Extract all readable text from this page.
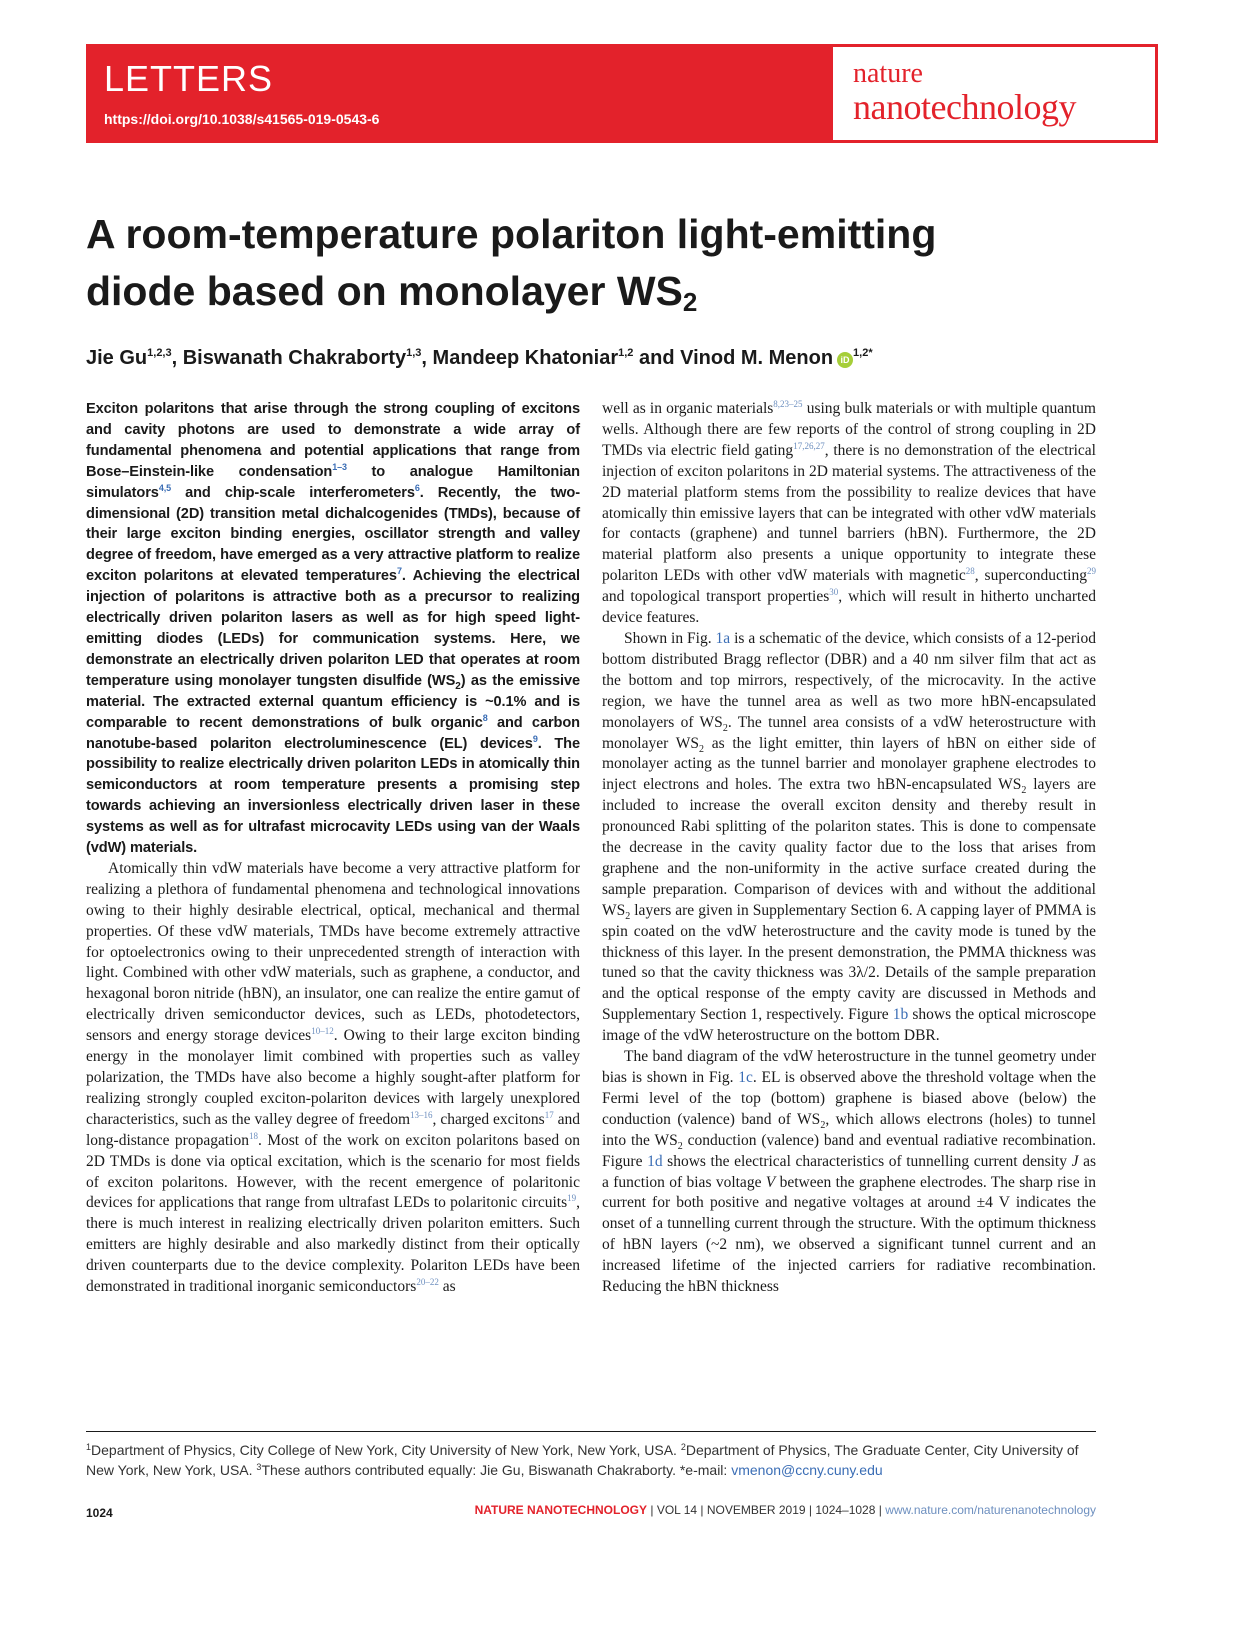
LETTERS
https://doi.org/10.1038/s41565-019-0543-6
nature
nanotechnology
A room-temperature polariton light-emitting
diode based on monolayer $WS_2$
Jie Gu$^{1,2,3}$, Biswanath Chakraborty$^{1,3}$, Mandeep Khatoniar$^{1,2}$ and Vinod M. Menon $iD^{1,2*}$

Exciton polaritons that arise through the strong coupling of excitons and cavity photons are used to demonstrate a wide array of fundamental phenomena and potential applications that range from Bose–Einstein-like condensation$^{1-3}$ to analogue Hamiltonian simulators$^{4,5}$ and chip-scale interferometers$^6$. Recently, the two-dimensional (2D) transition metal dichalcogenides (TMDs), because of their large exciton binding energies, oscillator strength and valley degree of freedom, have emerged as a very attractive platform to realize exciton polaritons at elevated temperatures$^7$. Achieving the electrical injection of polaritons is attractive both as a precursor to realizing electrically driven polariton lasers as well as for high speed light-emitting diodes (LEDs) for communication systems. Here, we demonstrate an electrically driven polariton LED that operates at room temperature using monolayer tungsten disulfide $(WS_2)$ as the emissive material. The extracted external quantum efficiency is ~0.1% and is comparable to recent demonstrations of bulk organic$^8$ and carbon nanotube-based polariton electroluminescence (EL) devices$^9$. The possibility to realize electrically driven polariton LEDs in atomically thin semiconductors at room temperature presents a promising step towards achieving an inversionless electrically driven laser in these systems as well as for ultrafast microcavity LEDs using van der Waals (vdW) materials.

Atomically thin vdW materials have become a very attractive platform for realizing a plethora of fundamental phenomena and technological innovations owing to their highly desirable electrical, optical, mechanical and thermal properties. Of these vdW materials, TMDs have become extremely attractive for optoelectronics owing to their unprecedented strength of interaction with light. Combined with other vdW materials, such as graphene, a conductor, and hexagonal boron nitride (hBN), an insulator, one can realize the entire gamut of electrically driven semiconductor devices, such as LEDs, photodetectors, sensors and energy storage devices$^{10-12}$. Owing to their large exciton binding energy in the monolayer limit combined with properties such as valley polarization, the TMDs have also become a highly sought-after platform for realizing strongly coupled exciton-polariton devices with largely unexplored characteristics, such as the valley degree of freedom$^{13-16}$, charged excitons$^{17}$ and long-distance propagation$^{18}$. Most of the work on exciton polaritons based on 2D TMDs is done via optical excitation, which is the scenario for most fields of exciton polaritons. However, with the recent emergence of polaritonic devices for applications that range from ultrafast LEDs to polaritonic circuits$^{19}$, there is much interest in realizing electrically driven polariton emitters. Such emitters are highly desirable and also markedly distinct from their optically driven counterparts due to the device complexity. Polariton LEDs have been demonstrated in traditional inorganic semiconductors$^{20-22}$ as

well as in organic materials$^{8,23-25}$ using bulk materials or with multiple quantum wells. Although there are few reports of the control of strong coupling in 2D TMDs via electric field gating$^{17,26,27}$, there is no demonstration of the electrical injection of exciton polaritons in 2D material systems. The attractiveness of the 2D material platform stems from the possibility to realize devices that have atomically thin emissive layers that can be integrated with other vdW materials for contacts (graphene) and tunnel barriers (hBN). Furthermore, the 2D material platform also presents a unique opportunity to integrate these polariton LEDs with other vdW materials with magnetic$^{28}$, superconducting$^{29}$ and topological transport properties$^{30}$, which will result in hitherto uncharted device features.

Shown in Fig. 1a is a schematic of the device, which consists of a 12-period bottom distributed Bragg reflector (DBR) and a 40 nm silver film that act as the bottom and top mirrors, respectively, of the microcavity. In the active region, we have the tunnel area as well as two more hBN-encapsulated monolayers of $WS_2$. The tunnel area consists of a vdW heterostructure with monolayer $WS_2$ as the light emitter, thin layers of hBN on either side of monolayer acting as the tunnel barrier and monolayer graphene electrodes to inject electrons and holes. The extra two hBN-encapsulated $WS_2$ layers are included to increase the overall exciton density and thereby result in pronounced Rabi splitting of the polariton states. This is done to compensate the decrease in the cavity quality factor due to the loss that arises from graphene and the non-uniformity in the active surface created during the sample preparation. Comparison of devices with and without the additional $WS_2$ layers are given in Supplementary Section 6. A capping layer of PMMA is spin coated on the vdW heterostructure and the cavity mode is tuned by the thickness of this layer. In the present demonstration, the PMMA thickness was tuned so that the cavity thickness was 3λ/2. Details of the sample preparation and the optical response of the empty cavity are discussed in Methods and Supplementary Section 1, respectively. Figure 1b shows the optical microscope image of the vdW heterostructure on the bottom DBR.

The band diagram of the vdW heterostructure in the tunnel geometry under bias is shown in Fig. 1c. EL is observed above the threshold voltage when the Fermi level of the top (bottom) graphene is biased above (below) the conduction (valence) band of $WS_2$, which allows electrons (holes) to tunnel into the $WS_2$ conduction (valence) band and eventual radiative recombination. Figure 1d shows the electrical characteristics of tunnelling current density J as a function of bias voltage V between the graphene electrodes. The sharp rise in current for both positive and negative voltages at around ±4 V indicates the onset of a tunnelling current through the structure. With the optimum thickness of hBN layers (~2 nm), we observed a significant tunnel current and an increased lifetime of the injected carriers for radiative recombination. Reducing the hBN thickness

$^1$Department of Physics, City College of New York, City University of New York, New York, USA. $^2$Department of Physics, The Graduate Center, City University of New York, New York, USA. $^3$These authors contributed equally: Jie Gu, Biswanath Chakraborty. *e-mail: vmenon@ccny.cuny.edu
1024	NATURE NANOTECHNOLOGY | VOL 14 | NOVEMBER 2019 | 1024–1028 | www.nature.com/naturenanotechnology
